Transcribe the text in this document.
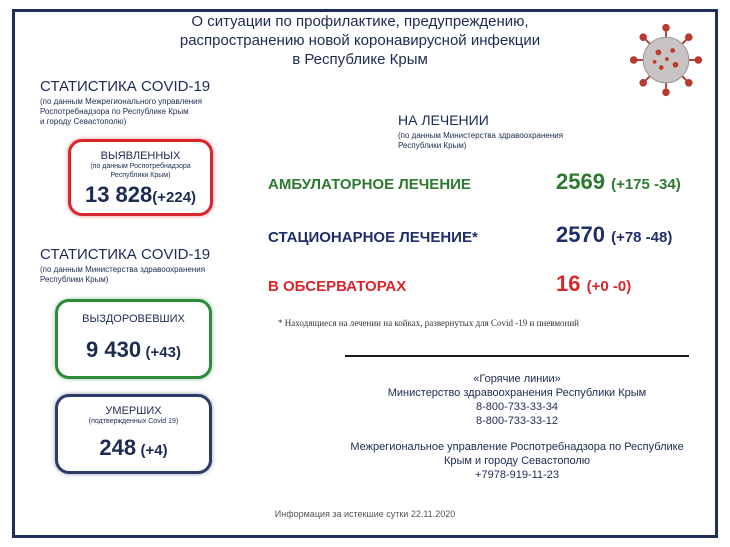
О ситуации по профилактике, предупреждению,
распространению новой коронавирусной инфекции
в Республике Крым
СТАТИСТИКА COVID-19
(по данным Межрегионального управления
Роспотребнадзора по Республике Крым
и городу Севастополю)
ВЫЯВЛЕННЫХ
(по данным Роспотребнадзора
Республики Крым)
13 828(+224)
СТАТИСТИКА COVID-19
(по данным Министерства здравоохранения
Республики Крым)
ВЫЗДОРОВЕВШИХ
9 430 (+43)
УМЕРШИХ
(подтвержденных Covid 19)
248 (+4)
НА ЛЕЧЕНИИ
(по данным Министерства здравоохранения
Республики Крым)
АМБУЛАТОРНОЕ ЛЕЧЕНИЕ	2569 (+175 -34)
СТАЦИОНАРНОЕ ЛЕЧЕНИЕ*	2570 (+78 -48)
В ОБСЕРВАТОРАХ	16 (+0 -0)
* Находящиеся на лечении на койках, развернутых для Covid -19 и пневмоний
«Горячие линии»
Министерство здравоохранения Республики Крым
8-800-733-33-34
8-800-733-33-12
Межрегиональное управление Роспотребнадзора по Республике
Крым и городу Севастополю
+7978-919-11-23
Информация за истекшие сутки 22.11.2020
